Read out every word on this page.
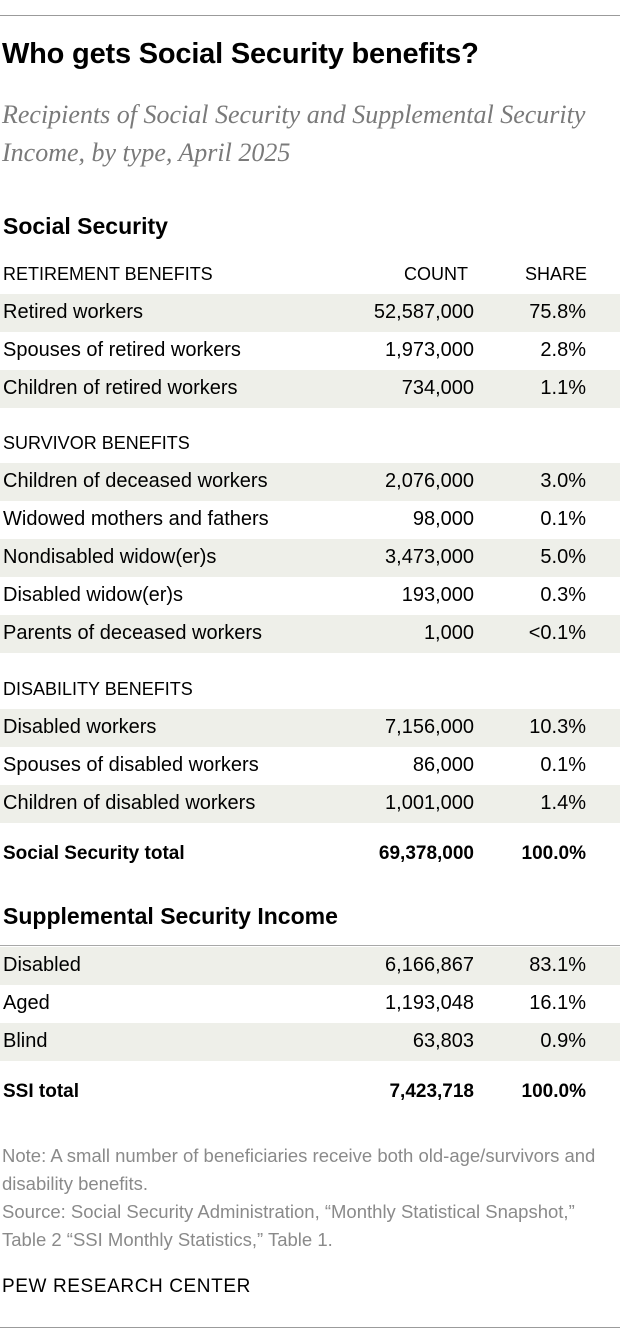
Who gets Social Security benefits?

Recipients of Social Security and Supplemental Security Income, by type, April 2025

Social Security
RETIREMENT BENEFITS	COUNT	SHARE
Retired workers	52,587,000	75.8%
Spouses of retired workers	1,973,000	2.8%
Children of retired workers	734,000	1.1%
SURVIVOR BENEFITS
Children of deceased workers	2,076,000	3.0%
Widowed mothers and fathers	98,000	0.1%
Nondisabled widow(er)s	3,473,000	5.0%
Disabled widow(er)s	193,000	0.3%
Parents of deceased workers	1,000	<0.1%
DISABILITY BENEFITS
Disabled workers	7,156,000	10.3%
Spouses of disabled workers	86,000	0.1%
Children of disabled workers	1,001,000	1.4%
Social Security total	69,378,000	100.0%
Supplemental Security Income
Disabled	6,166,867	83.1%
Aged	1,193,048	16.1%
Blind	63,803	0.9%
SSI total	7,423,718	100.0%

Note: A small number of beneficiaries receive both old-age/survivors and disability benefits.

Source: Social Security Administration, “Monthly Statistical Snapshot,” Table 2 “SSI Monthly Statistics,” Table 1.

PEW RESEARCH CENTER
